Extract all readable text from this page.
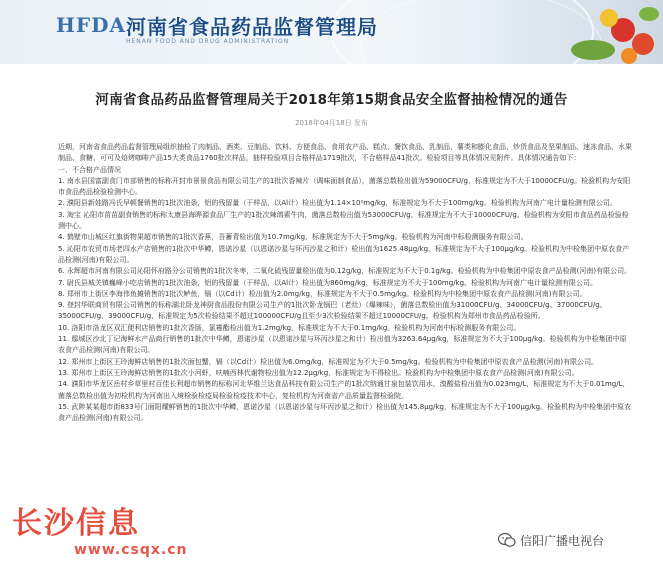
HFDA 河南省食品药品监督管理局
HENAN FOOD AND DRUG ADMINISTRATION
河南省食品药品监督管理局关于2018年第15期食品安全监督抽检情况的通告
2018年04月18日 发布

近期，河南省食品药品监督管理局组织抽检了肉制品、酒类、豆制品、饮料、方便食品、食用农产品、糕点、餐饮食品、乳制品、薯类和膨化食品、炒货食品及坚果制品、速冻食品、水果制品、食糖、可可及焙烤咖啡产品15大类食品1760批次样品，抽样检验项目合格样品1719批次，不合格样品41批次。检验项目等具体情况见附件。具体情况通告如下：

一、不合格产品情况

1. 南水县国富副食门市部销售的标称开封市景景食品有限公司生产的1批次香辣片（调味面制食品），菌落总数检出值为59000CFU/g，标准规定为不大于10000CFU/g。检验机构为安阳市食品药品检验检测中心。

2. 濮阳县新娃路冯氏早顿餐销售的1批次油条，铝的残留量（干样品，以Al计）检出值为1.14×10²mg/kg，标准规定为不大于100mg/kg。检验机构为河南广电计量检测有限公司。

3. 淘宝 沁阳市苗苗副食销售的标称太康县海晔源食品厂生产的1批次辣鸽素牛肉，菌落总数检出值为53000CFU/g，标准规定为不大于10000CFU/g。检验机构为安阳市食品药品检验检测中心。

4. 鹤壁市山城区红旗街物果超市销售的1批次香蕉，吾蓄青检出值为10.7mg/kg，标准规定为不大于5mg/kg。检验机构为河南中标检测服务有限公司。

5. 沁阳市农贸市场老四水产店销售的1批次中华鳟，恩诺沙星（以恩诺沙星与环丙沙星之和计）检出值为1625.48μg/kg，标准规定为不大于100μg/kg。检验机构为中检集团中原农食产品检测(河南)有限公司。

6. 永辉超市河南有限公司沁阳怀府路分公司销售的1批次冬枣，二氧化硫残留量检出值为0.12g/kg，标准规定为不大于0.1g/kg。检验机构为中检集团中原农食产品检测(河南)有限公司。

7. 尉氏县城关镇巍峰小吃店销售的1批次油条，铝的残留量（干样品，以Al计）检出值为860mg/kg，标准规定为不大于100mg/kg。检验机构为河南广电计量检测有限公司。

8. 郑州市上街区李海伟鱼摊销售的1批次鲈鱼，镉（以Cd计）检出值为2.0mg/kg，标准规定为不大于0.5mg/kg。检验机构为中检集团中原农食产品检测(河南)有限公司。

9. 登封华联商贸有限公司销售的标称湖北卧龙神厨食品股份有限公司生产的1批次卧龙锅巴（老灶）（爆辣味），菌落总数检出值为31000CFU/g、34000CFU/g、37000CFU/g、35000CFU/g、39000CFU/g，标准规定为5次检验结果不超过100000CFU/g且至少3次检验结果不超过10000CFU/g。检验机构为郑州市食品药品检验所。

10. 洛阳市洛龙区双汇便利店销售的1批次香肠，氯霉酯检出值为1.2mg/kg，标准规定为不大于0.1mg/kg。检验机构为河南中标检测服务有限公司。

11. 鄢城区沙北丁记海鲜水产品商行销售的1批次中华鳟，恩诺沙星（以恩诺沙星与环丙沙星之和计）检出值为3263.64μg/kg，标准规定为不大于100μg/kg。检验机构为中检集团中原农食产品检测(河南)有限公司。

12. 郑州市上街区王玲海鲜店销售的1批次面包蟹，镉（以Cd计）检出值为6.0mg/kg，标准规定为不大于0.5mg/kg。检验机构为中检集团中原农食产品检测(河南)有限公司。

13. 郑州市上街区王玲海鲜店销售的1批次小河虾，呋喃西林代谢物检出值为12.2μg/kg，标准规定为不得检出。检验机构为中检集团中原农食产品检测(河南)有限公司。

14. 濮阳市华龙区岳村乡草里村百佳长利超市销售的标称河北华维兰达食品科技有限公司生产的1批次纳通甘泉包装饮用水，溴酸盐检出值为0.023mg/L，标准规定为不大于0.01mg/L，菌落总数检出值为初检机构为河南出入境检验检疫局检验检疫技术中心，复检机构为河南省产品质量监督检验院。

15. 武陟某某超市街833号门面阳耀鲜销售的1批次中华鳟，恩诺沙星（以恩诺沙星与环丙沙星之和计）检出值为145.8μg/kg，标准规定为不大于100μg/kg。检验机构为中检集团中原农食产品检测(河南)有限公司。

长沙信息
www.csqx.cn
信阳广播电视台
